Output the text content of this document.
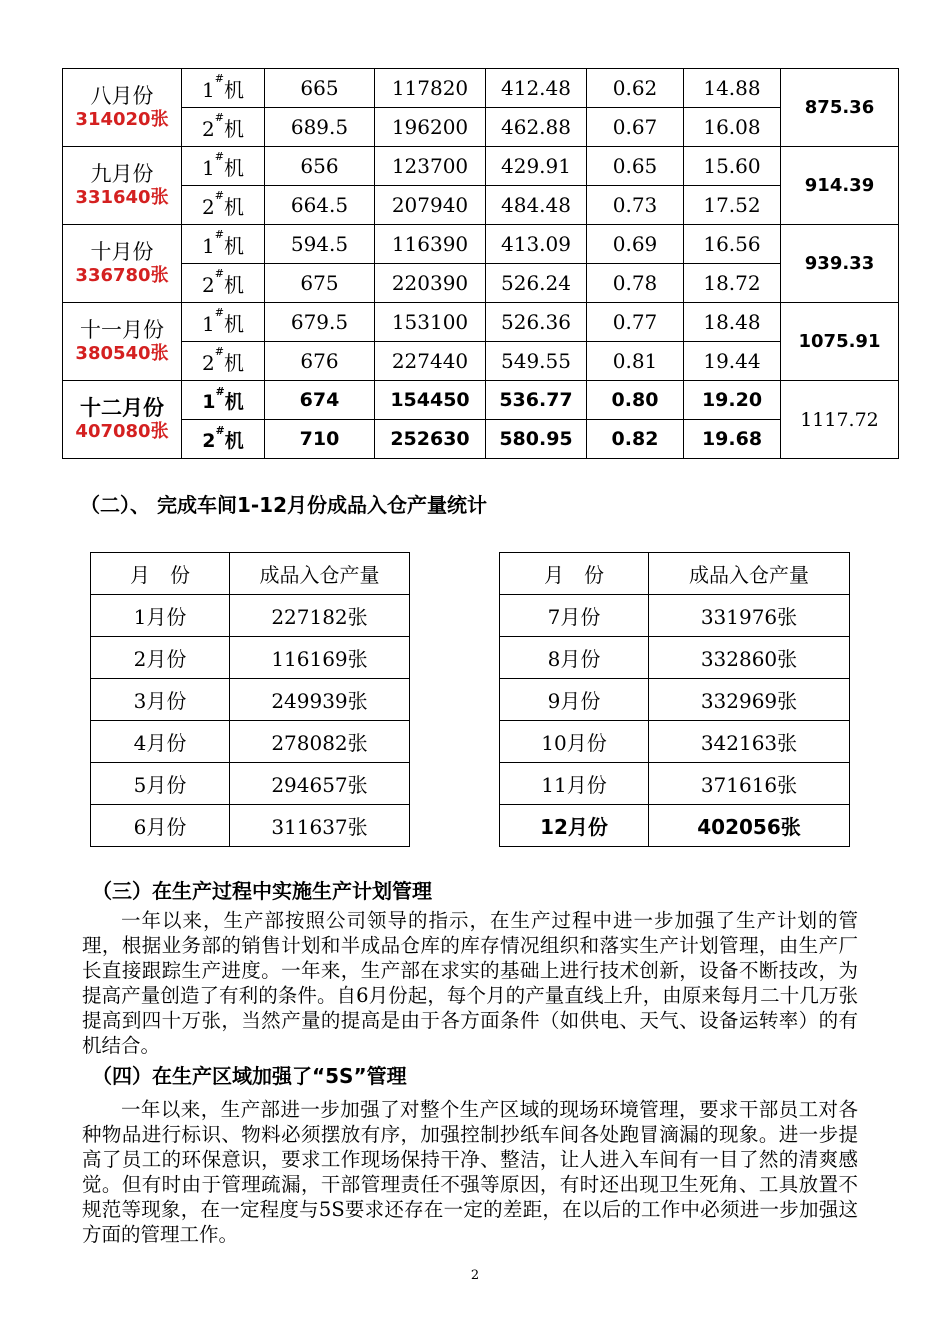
八月份
314020张	1#机	665	117820	412.48	0.62	14.88	875.36
	2#机	689.5	196200	462.88	0.67	16.08	

九月份
331640张	1#机	656	123700	429.91	0.65	15.60	914.39
	2#机	664.5	207940	484.48	0.73	17.52	

十月份
336780张	1#机	594.5	116390	413.09	0.69	16.56	939.33
	2#机	675	220390	526.24	0.78	18.72	

十一月份
380540张	1#机	679.5	153100	526.36	0.77	18.48	1075.91
	2#机	676	227440	549.55	0.81	19.44	

十二月份
407080张	1#机	674	154450	536.77	0.80	19.20	1117.72
	2#机	710	252630	580.95	0.82	19.68	
（二）、 完成车间1-12月份成品入仓产量统计
月　份	成品入仓产量
1月份	227182张
2月份	116169张
3月份	249939张
4月份	278082张
5月份	294657张
6月份	311637张
月　份	成品入仓产量
7月份	331976张
8月份	332860张
9月份	332969张
10月份	342163张
11月份	371616张
12月份	402056张
（三）在生产过程中实施生产计划管理

一年以来，生产部按照公司领导的指示，在生产过程中进一步加强了生产计划的管理，根据业务部的销售计划和半成品仓库的库存情况组织和落实生产计划管理，由生产厂长直接跟踪生产进度。一年来，生产部在求实的基础上进行技术创新，设备不断技改，为提高产量创造了有利的条件。自6月份起，每个月的产量直线上升，由原来每月二十几万张提高到四十万张，当然产量的提高是由于各方面条件（如供电、天气、设备运转率）的有机结合。

（四）在生产区域加强了“5S”管理

一年以来，生产部进一步加强了对整个生产区域的现场环境管理，要求干部员工对各种物品进行标识、物料必须摆放有序，加强控制抄纸车间各处跑冒滴漏的现象。进一步提高了员工的环保意识，要求工作现场保持干净、整洁，让人进入车间有一目了然的清爽感觉。但有时由于管理疏漏，干部管理责任不强等原因，有时还出现卫生死角、工具放置不规范等现象，在一定程度与5S要求还存在一定的差距，在以后的工作中必须进一步加强这方面的管理工作。

2
